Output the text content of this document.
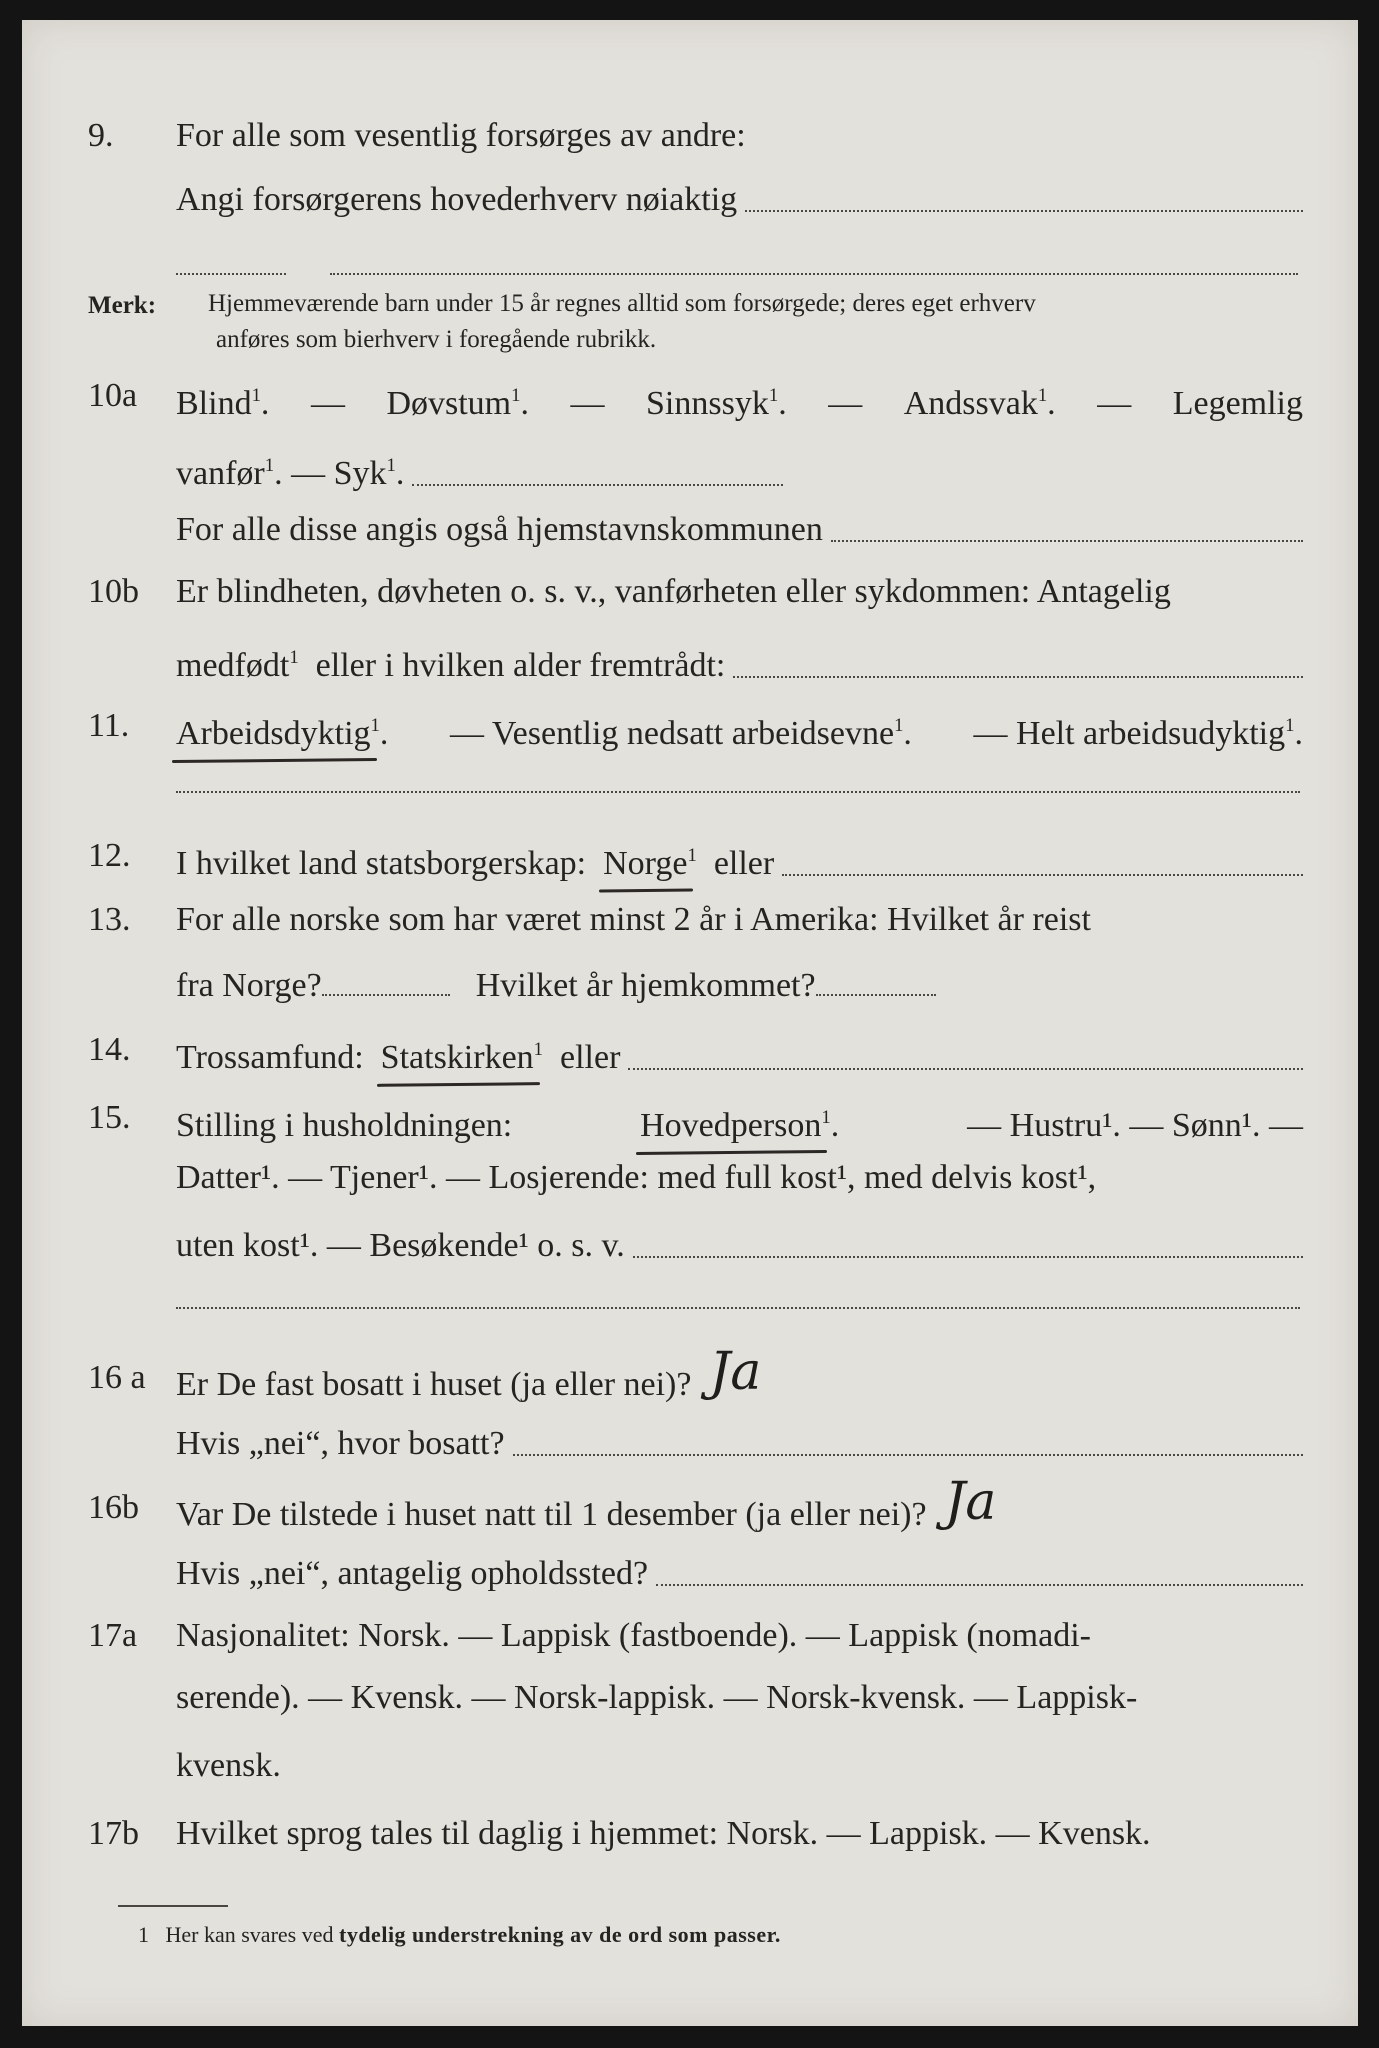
9. For alle som vesentlig forsørges av andre:
Angi forsørgerens hovederhverv nøiaktig
Merk: Hjemmeværende barn under 15 år regnes alltid som forsørgede; deres eget erhverv
anføres som bierhverv i foregående rubrikk.
10a Blind$^1$. — Døvstum$^1$. — Sinnssyk$^1$. — Andssvak$^1$. — Legemlig
vanfør$^1$. — Syk$^1$.
For alle disse angis også hjemstavnskommunen
10b Er blindheten, døvheten o. s. v., vanførheten eller sykdommen: Antagelig
medfødt$^1$
eller i hvilken alder fremtrådt:
11. Arbeidsdyktig$^1$. — Vesentlig nedsatt arbeidsevne$^1$. — Helt arbeidsudyktig$^1$.
12. I hvilket land statsborgerskap:
Norge$^1$
eller
13. For alle norske som har været minst 2 år i Amerika: Hvilket år reist
fra Norge?	Hvilket år hjemkommet?
14. Trossamfund:
Statskirken$^1$
eller
15. Stilling i husholdningen:	Hovedperson$^1$.	— Hustru¹. — Sønn¹. —
Datter¹. — Tjener¹. — Losjerende: med full kost¹, med delvis kost¹,
uten kost¹. — Besøkende¹ o. s. v.
16 a Er De fast bosatt i huset (ja eller nei)? Ja
Hvis „nei“, hvor bosatt?
16b Var De tilstede i huset natt til 1 desember (ja eller nei)? Ja
Hvis „nei“, antagelig opholdssted?
17a Nasjonalitet: Norsk. — Lappisk (fastboende). — Lappisk (nomadi-
serende). — Kvensk. — Norsk-lappisk. — Norsk-kvensk. — Lappisk-
kvensk.
17b Hvilket sprog tales til daglig i hjemmet: Norsk. — Lappisk. — Kvensk.
1 Her kan svares ved tydelig understrekning av de ord som passer.
